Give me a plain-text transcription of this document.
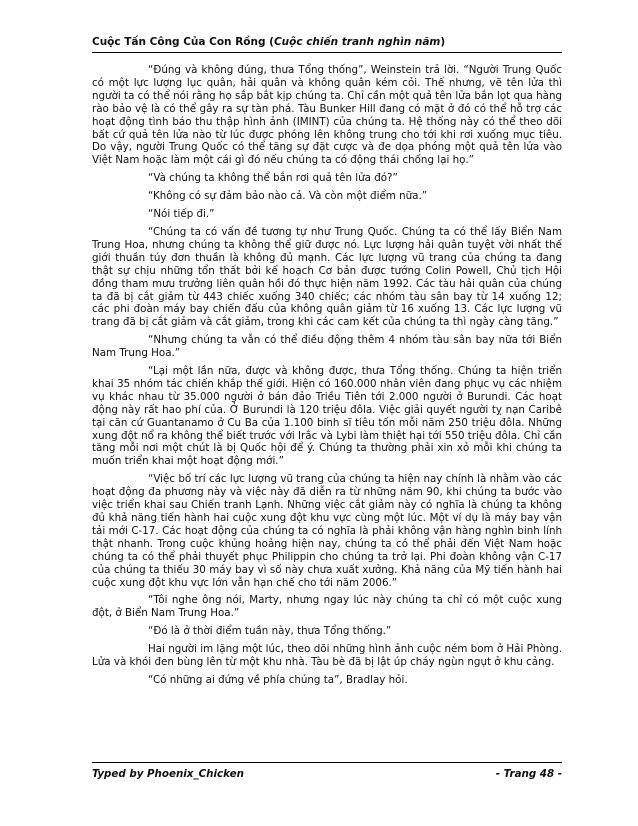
Cuộc Tấn Công Của Con Rồng (Cuộc chiến tranh nghìn năm)

“Đúng và không đúng, thưa Tổng thống”, Weinstein trả lời. “Người Trung Quốc có một lực lượng lục quân, hải quân và không quân kém cỏi. Thế nhưng, vẽ tên lửa thì người ta có thể nói rằng họ sắp bắt kịp chúng ta. Chỉ cần một quả tên lửa bắn lọt qua hàng rào bảo vệ là có thể gây ra sự tàn phá. Tàu Bunker Hill đang có mặt ở đó có thể hỗ trợ các hoạt động tình báo thu thập hình ảnh (IMINT) của chúng ta. Hệ thống này có thể theo dõi bất cứ quả tên lửa nào từ lúc được phóng lên không trung cho tới khi rơi xuống mục tiêu. Do vậy, người Trung Quốc có thể tăng sự đặt cược và đe dọa phóng một quả tên lửa vào Việt Nam hoặc làm một cái gì đó nếu chúng ta có động thái chống lại họ.”

“Và chúng ta không thể bắn rơi quả tên lửa đó?”

“Không có sự đảm bảo nào cả. Và còn một điểm nữa.”

“Nói tiếp đi.”

“Chúng ta có vấn đề tương tự như Trung Quốc. Chúng ta có thể lấy Biển Nam Trung Hoa, nhưng chúng ta không thể giữ được nó. Lực lượng hải quân tuyệt vời nhất thế giới thuần túy đơn thuần là không đủ mạnh. Các lực lượng vũ trang của chúng ta đang thật sự chịu những tổn thất bởi kế hoạch Cơ bản được tướng Colin Powell, Chủ tịch Hội đồng tham mưu trưởng liên quân hồi đó thực hiện năm 1992. Các tàu hải quân của chúng ta đã bị cắt giảm từ 443 chiếc xuống 340 chiếc; các nhóm tàu sân bay từ 14 xuống 12; các phi đoàn máy bay chiến đấu của không quân giảm từ 16 xuống 13. Các lực lượng vũ trang đã bị cắt giảm và cắt giảm, trong khi các cam kết của chúng ta thì ngày càng tăng.”

“Nhưng chúng ta vẫn có thể điều động thêm 4 nhóm tàu sân bay nữa tới Biển Nam Trung Hoa.”

“Lại một lần nữa, được và không được, thưa Tổng thống. Chúng ta hiện triển khai 35 nhóm tác chiến khắp thế giới. Hiện có 160.000 nhân viên đang phục vụ các nhiệm vụ khác nhau từ 35.000 người ở bán đảo Triều Tiên tới 2.000 người ở Burundi. Các hoạt động này rất hao phí của. Ở Burundi là 120 triệu đôla. Việc giải quyết người tỵ nạn Caribê tại căn cứ Guantanamo ở Cu Ba của 1.100 binh sĩ tiêu tốn mỗi năm 250 triệu đôla. Những xung đột nổ ra không thể biết trước với Irắc và Lybi làm thiệt hại tới 550 triệu đôla. Chỉ cần tăng mỗi nơi một chút là bị Quốc hội để ý. Chúng ta thường phải xin xỏ mỗi khi chúng ta muốn triển khai một hoạt động mới.”

“Việc bố trí các lực lượng vũ trang của chúng ta hiện nay chính là nhằm vào các hoạt động đa phương này và việc này đã diễn ra từ những năm 90, khi chúng ta bước vào việc triển khai sau Chiến tranh Lạnh. Những việc cắt giảm này có nghĩa là chúng ta không đủ khả năng tiến hành hai cuộc xung đột khu vực cùng một lúc. Một ví dụ là máy bay vận tải mới C-17. Các hoạt động của chúng ta có nghĩa là phải không vận hàng nghìn binh lính thật nhanh. Trong cuộc khủng hoảng hiện nay, chúng ta có thể phải đến Việt Nam hoặc chúng ta có thể phải thuyết phục Philippin cho chúng ta trở lại. Phi đoàn không vận C-17 của chúng ta thiếu 30 máy bay vì số này chưa xuất xưởng. Khả năng của Mỹ tiến hành hai cuộc xung đột khu vực lớn vẫn hạn chế cho tới năm 2006.”

“Tôi nghe ông nói, Marty, nhưng ngay lúc này chúng ta chỉ có một cuộc xung đột, ở Biển Nam Trung Hoa.”

“Đó là ở thời điểm tuần này, thưa Tổng thống.”

Hai người im lặng một lúc, theo dõi những hình ảnh cuộc ném bom ở Hải Phòng. Lửa và khói đen bùng lên từ một khu nhà. Tàu bè đã bị lật úp cháy ngùn ngụt ở khu cảng.

“Có những ai đứng về phía chúng ta”, Bradlay hỏi.

Typed by Phoenix_Chicken	- Trang 48 -
